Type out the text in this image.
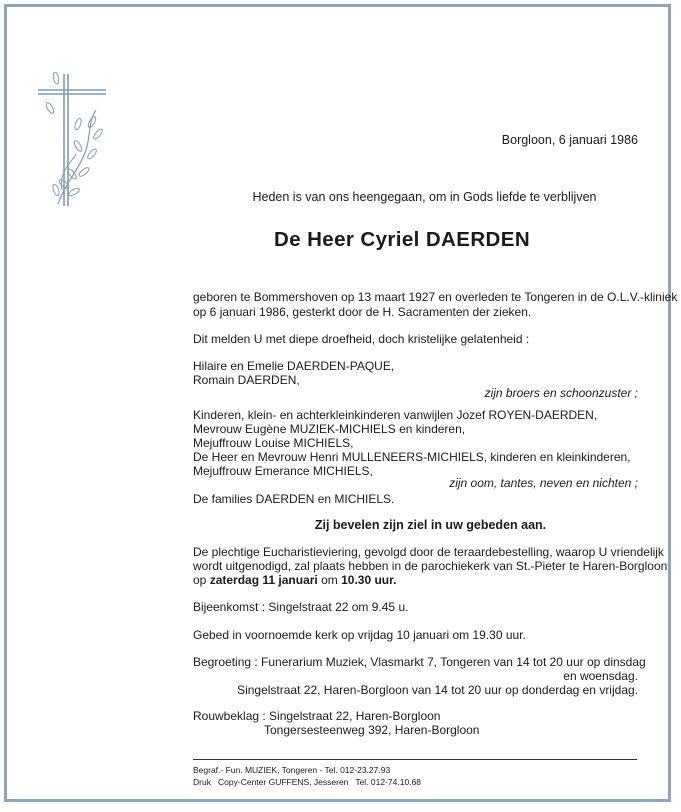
Borgloon, 6 januari 1986
Heden is van ons heengegaan, om in Gods liefde te verblijven
De Heer Cyriel DAERDEN
geboren te Bommershoven op 13 maart 1927 en overleden te Tongeren in de O.L.V.-kliniek
op 6 januari 1986, gesterkt door de H. Sacramenten der zieken.
Dit melden U met diepe droefheid, doch kristelijke gelatenheid :
Hilaire en Emelie DAERDEN-PAQUE,
Romain DAERDEN,
zijn broers en schoonzuster ;
Kinderen, klein- en achterkleinkinderen vanwijlen Jozef ROYEN-DAERDEN,
Mevrouw Eugène MUZIEK-MICHIELS en kinderen,
Mejuffrouw Louise MICHIELS,
De Heer en Mevrouw Henri MULLENEERS-MICHIELS, kinderen en kleinkinderen,
Mejuffrouw Emerance MICHIELS,
zijn oom, tantes, neven en nichten ;
De families DAERDEN en MICHIELS.
Zij bevelen zijn ziel in uw gebeden aan.
De plechtige Eucharistieviering, gevolgd door de teraardebestelling, waarop U vriendelijk
wordt uitgenodigd, zal plaats hebben in de parochiekerk van St.-Pieter te Haren-Borgloon
op zaterdag 11 januari om 10.30 uur.
Bijeenkomst : Singelstraat 22 om 9.45 u.
Gebed in voornoemde kerk op vrijdag 10 januari om 19.30 uur.
Begroeting : Funerarium Muziek, Vlasmarkt 7, Tongeren van 14 tot 20 uur op dinsdag
en woensdag.
Singelstraat 22, Haren-Borgloon van 14 tot 20 uur op donderdag en vrijdag.
Rouwbeklag : Singelstraat 22, Haren-Borgloon
Tongersesteenweg 392, Haren-Borgloon
Begraf.- Fun. MUZIEK, Tongeren - Tel. 012-23.27.93
Druk   Copy-Center GUFFENS, Jesseren   Tel. 012-74.10.68
